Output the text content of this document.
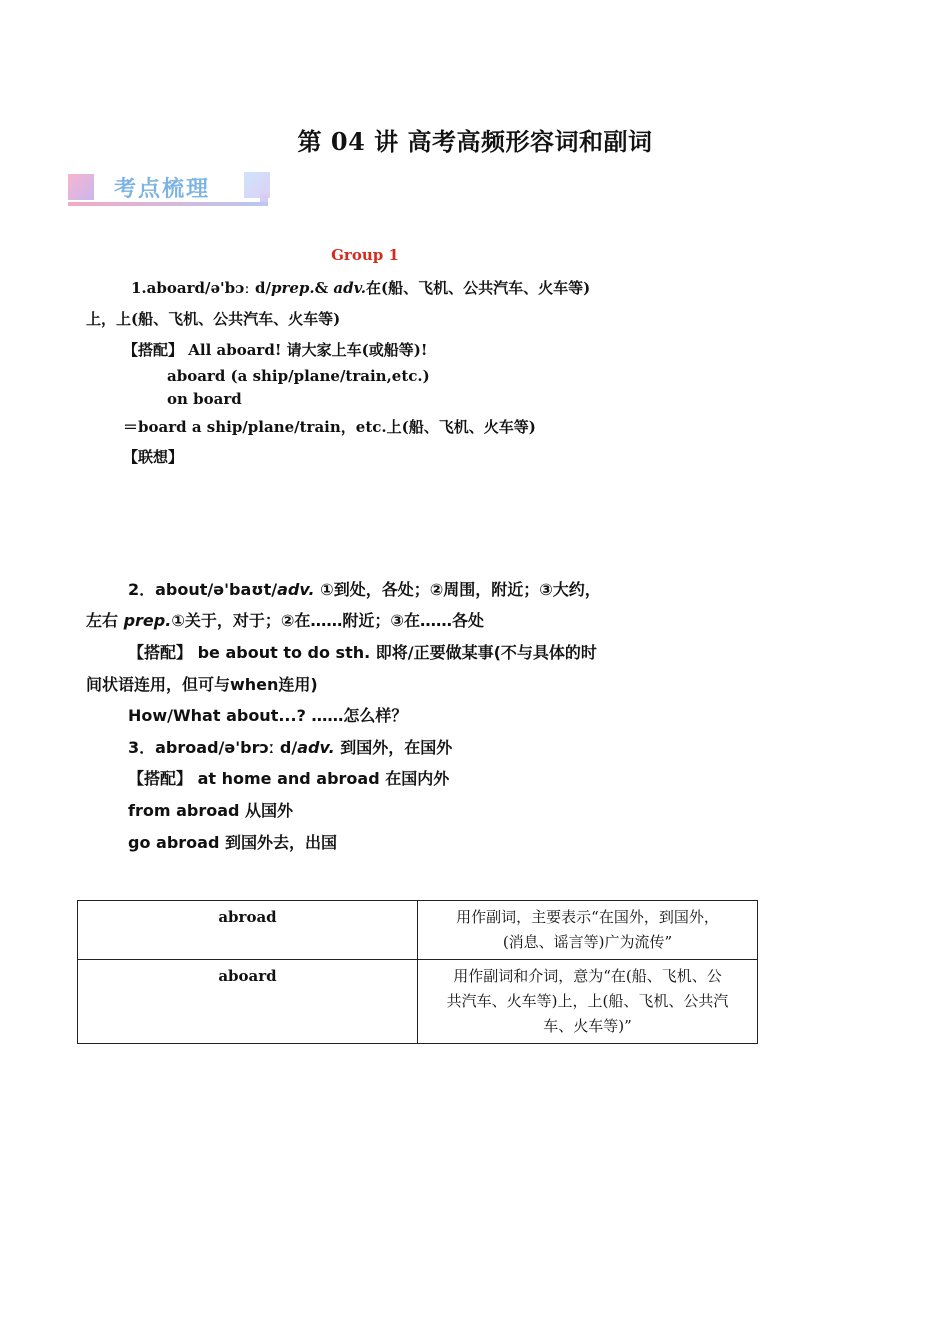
第 04 讲 高考高频形容词和副词
考点梳理
Group 1
1.aboard/ə'bɔː d/prep.& adv.在(船、飞机、公共汽车、火车等)
上，上(船、飞机、公共汽车、火车等)
【搭配】 All aboard! 请大家上车(或船等)!
aboard (a ship/plane/train,etc.)
on board
＝board a ship/plane/train，etc.上(船、飞机、火车等)
【联想】
2．about/ə'baʊt/adv. ①到处，各处；②周围，附近；③大约，
左右 prep.①关于，对于；②在……附近；③在……各处
【搭配】 be about to do sth. 即将/正要做某事(不与具体的时
间状语连用，但可与when连用)
How/What about...? ……怎么样？
3．abroad/ə'brɔː d/adv. 到国外，在国外
【搭配】 at home and abroad 在国内外
from abroad 从国外
go abroad 到国外去，出国
abroad	用作副词，主要表示“在国外，到国外，
(消息、谣言等)广为流传”

aboard	用作副词和介词，意为“在(船、飞机、公
共汽车、火车等)上，上(船、飞机、公共汽
车、火车等)”
